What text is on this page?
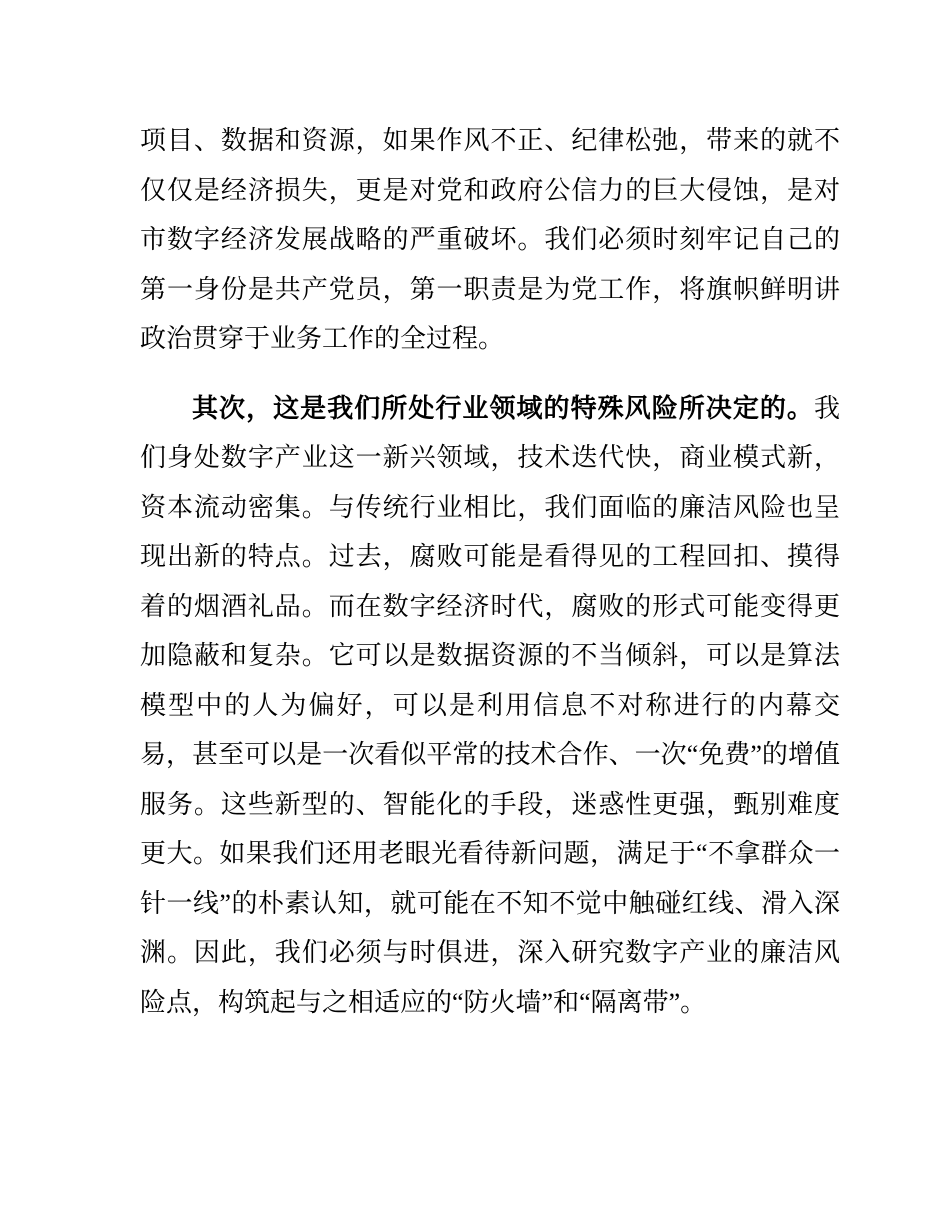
项目、数据和资源，如果作风不正、纪律松弛，带来的就不仅仅是经济损失，更是对党和政府公信力的巨大侵蚀，是对市数字经济发展战略的严重破坏。我们必须时刻牢记自己的第一身份是共产党员，第一职责是为党工作，将旗帜鲜明讲政治贯穿于业务工作的全过程。

其次，这是我们所处行业领域的特殊风险所决定的。我们身处数字产业这一新兴领域，技术迭代快，商业模式新，资本流动密集。与传统行业相比，我们面临的廉洁风险也呈现出新的特点。过去，腐败可能是看得见的工程回扣、摸得着的烟酒礼品。而在数字经济时代，腐败的形式可能变得更加隐蔽和复杂。它可以是数据资源的不当倾斜，可以是算法模型中的人为偏好，可以是利用信息不对称进行的内幕交易，甚至可以是一次看似平常的技术合作、一次“免费”的增值服务。这些新型的、智能化的手段，迷惑性更强，甄别难度更大。如果我们还用老眼光看待新问题，满足于“不拿群众一针一线”的朴素认知，就可能在不知不觉中触碰红线、滑入深渊。因此，我们必须与时俱进，深入研究数字产业的廉洁风险点，构筑起与之相适应的“防火墙”和“隔离带”。
